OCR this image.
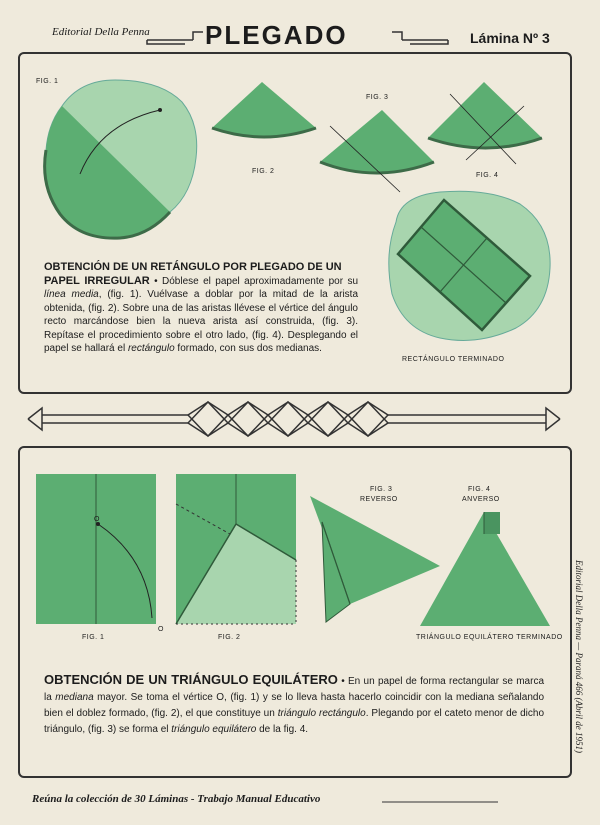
Editorial Della Penna PLEGADO	Lámina Nº 3
FIG. 1
FIG. 2
FIG. 3
FIG. 4
RECTÁNGULO TERMINADO
OBTENCIÓN DE UN RETÁNGULO POR PLEGADO DE UN
PAPEL IRREGULAR • Dóblese el papel aproximadamente por su línea media, (fig. 1). Vuélvase a doblar por la mitad de la arista obtenida, (fig. 2). Sobre una de las aristas llévese el vértice del ángulo recto marcándose bien la nueva arista así construida, (fig. 3). Repítase el procedimiento sobre el otro lado, (fig. 4). Desplegando el papel se hallará el rectángulo formado, con sus dos medianas.
FIG. 1	FIG. 2
FIG. 3
REVERSO
FIG. 4
ANVERSO
TRIÁNGULO EQUILÁTERO TERMINADO
O
O
OBTENCIÓN DE UN TRIÁNGULO EQUILÁTERO • En un papel de forma rectangular se marca la mediana mayor. Se toma el vértice O, (fig. 1) y se lo lleva hasta hacerlo coincidir con la mediana señalando bien el doblez formado, (fig. 2), el que constituye un triángulo rectángulo. Plegando por el cateto menor de dicho triángulo, (fig. 3) se forma el triángulo equilátero de la fig. 4.	Editorial Della Penna — Paraná 466 (Abril de 1951)
Reúna la colección de 30 Láminas - Trabajo Manual Educativo
